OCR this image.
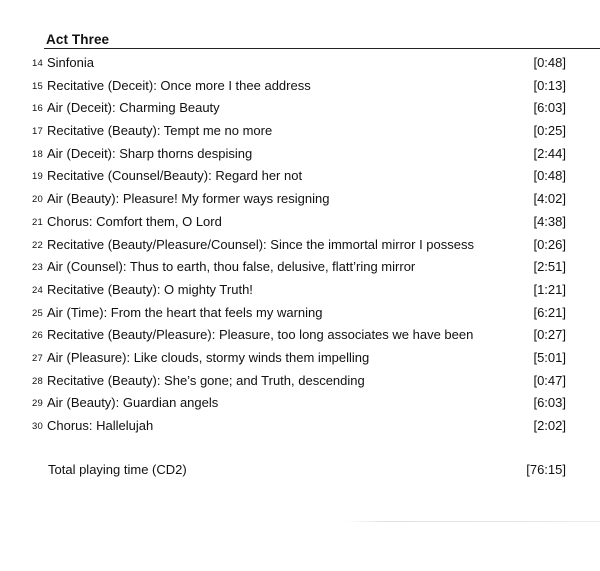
Act Three
14 Sinfonia	[0:48]
15 Recitative (Deceit): Once more I thee address	[0:13]
16 Air (Deceit): Charming Beauty	[6:03]
17 Recitative (Beauty): Tempt me no more	[0:25]
18 Air (Deceit): Sharp thorns despising	[2:44]
19 Recitative (Counsel/Beauty): Regard her not	[0:48]
20 Air (Beauty): Pleasure! My former ways resigning	[4:02]
21 Chorus: Comfort them, O Lord	[4:38]
22 Recitative (Beauty/Pleasure/Counsel): Since the immortal mirror I possess	[0:26]
23 Air (Counsel): Thus to earth, thou false, delusive, flatt’ring mirror	[2:51]
24 Recitative (Beauty): O mighty Truth!	[1:21]
25 Air (Time): From the heart that feels my warning	[6:21]
26 Recitative (Beauty/Pleasure): Pleasure, too long associates we have been	[0:27]
27 Air (Pleasure): Like clouds, stormy winds them impelling	[5:01]
28 Recitative (Beauty): She’s gone; and Truth, descending	[0:47]
29 Air (Beauty): Guardian angels	[6:03]
30 Chorus: Hallelujah	[2:02]
Total playing time (CD2)	[76:15]
